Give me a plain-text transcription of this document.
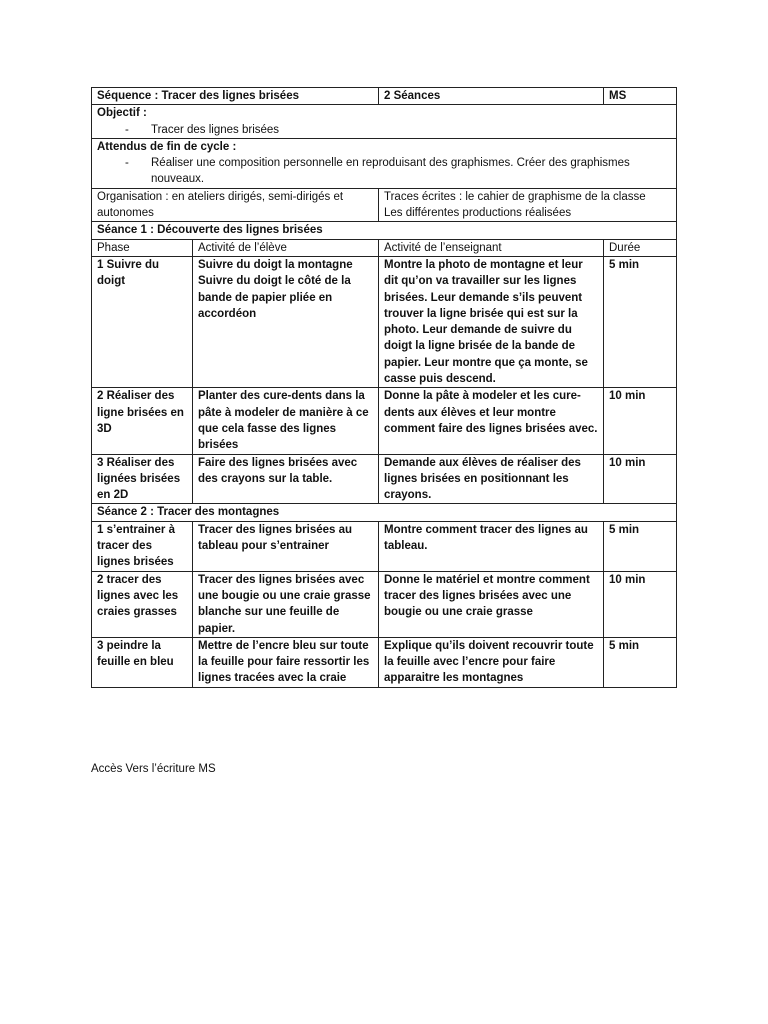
Séquence : Tracer des lignes brisées		2 Séances	MS

Objectif :
- Tracer des lignes brisées			

Attendus de fin de cycle :
- Réaliser une composition personnelle en reproduisant des graphismes. Créer des graphismes nouveaux.			

Organisation : en ateliers dirigés, semi-dirigés et autonomes		Traces écrites : le cahier de graphisme de la classe
Les différentes productions réalisées	

Séance 1 : Découverte des lignes brisées			
Phase	Activité de l’élève	Activité de l’enseignant	Durée
1 Suivre du doigt	Suivre du doigt la montagne Suivre du doigt le côté de la bande de papier pliée en accordéon	Montre la photo de montagne et leur dit qu’on va travailler sur les lignes brisées. Leur demande s’ils peuvent trouver la ligne brisée qui est sur la photo. Leur demande de suivre du doigt la ligne brisée de la bande de papier. Leur montre que ça monte, se casse puis descend.	5 min
2 Réaliser des ligne brisées en 3D	Planter des cure-dents dans la pâte à modeler de manière à ce que cela fasse des lignes brisées	Donne la pâte à modeler et les cure-dents aux élèves et leur montre comment faire des lignes brisées avec.	10 min
3 Réaliser des lignées brisées en 2D	Faire des lignes brisées avec des crayons sur la table.	Demande aux élèves de réaliser des lignes brisées en positionnant les crayons.	10 min
Séance 2 : Tracer des montagnes			
1 s’entrainer à tracer des lignes brisées	Tracer des lignes brisées au tableau pour s’entrainer	Montre comment tracer des lignes au tableau.	5 min
2 tracer des lignes avec les craies grasses	Tracer des lignes brisées avec une bougie ou une craie grasse blanche sur une feuille de papier.	Donne le matériel et montre comment tracer des lignes brisées avec une bougie ou une craie grasse	10 min
3 peindre la feuille en bleu	Mettre de l’encre bleu sur toute la feuille pour faire ressortir les lignes tracées avec la craie	Explique qu’ils doivent recouvrir toute la feuille avec l’encre pour faire apparaitre les montagnes	5 min
Accès Vers l’écriture MS
